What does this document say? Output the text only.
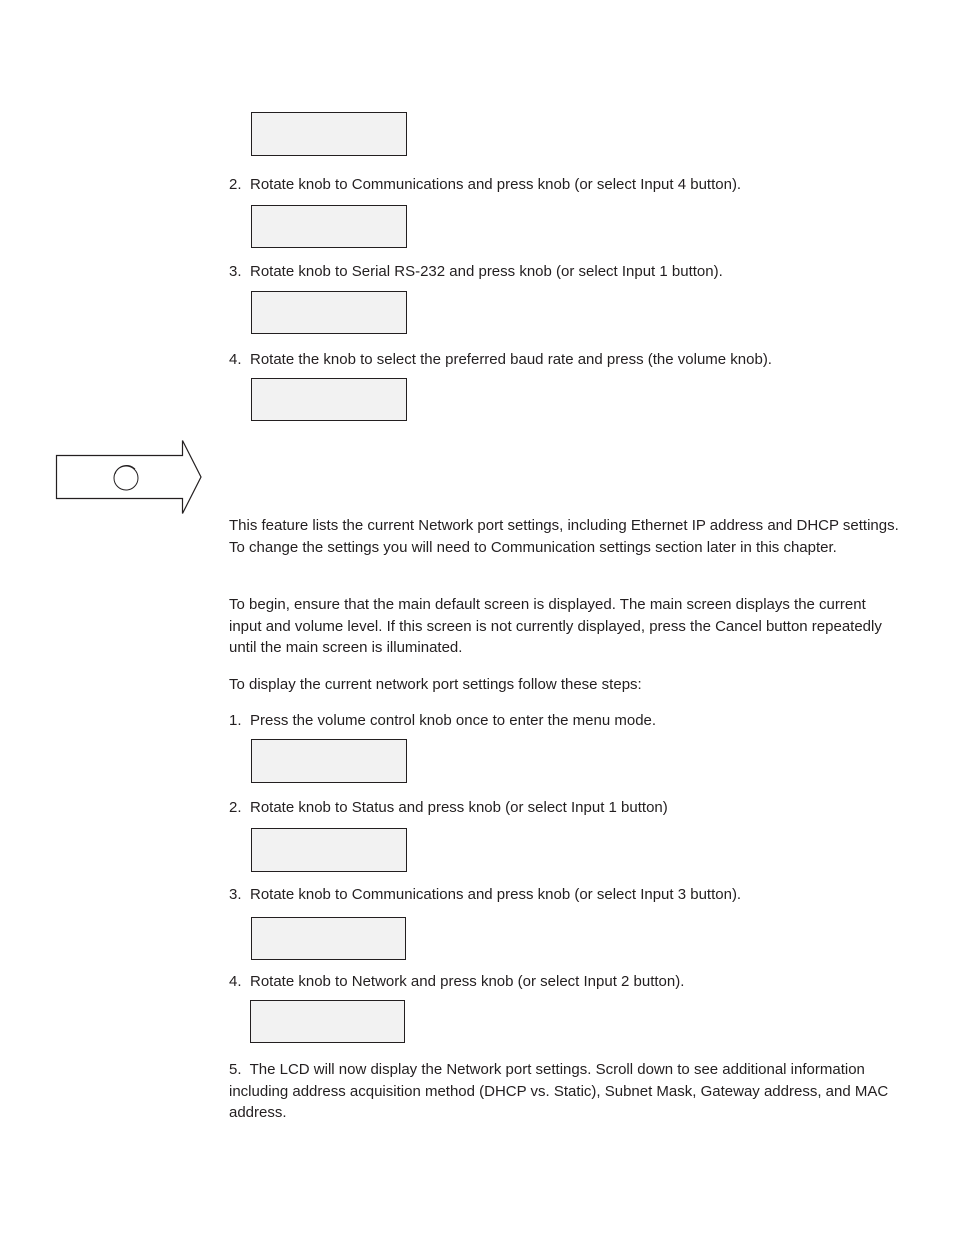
2. Rotate knob to Communications and press knob (or select Input 4 button).

3. Rotate knob to Serial RS-232 and press knob (or select Input 1 button).

4. Rotate the knob to select the preferred baud rate and press (the volume knob).

This feature lists the current Network port settings, including Ethernet IP address and DHCP settings. To change the settings you will need to Communication settings section later in this chapter.

To begin, ensure that the main default screen is displayed. The main screen displays the current input and volume level. If this screen is not currently displayed, press the Cancel button repeatedly until the main screen is illuminated.

To display the current network port settings follow these steps:

1. Press the volume control knob once to enter the menu mode.

2. Rotate knob to Status and press knob (or select Input 1 button)

3. Rotate knob to Communications and press knob (or select Input 3 button).

4. Rotate knob to Network and press knob (or select Input 2 button).

5. The LCD will now display the Network port settings. Scroll down to see additional information including address acquisition method (DHCP vs. Static), Subnet Mask, Gateway address, and MAC address.
